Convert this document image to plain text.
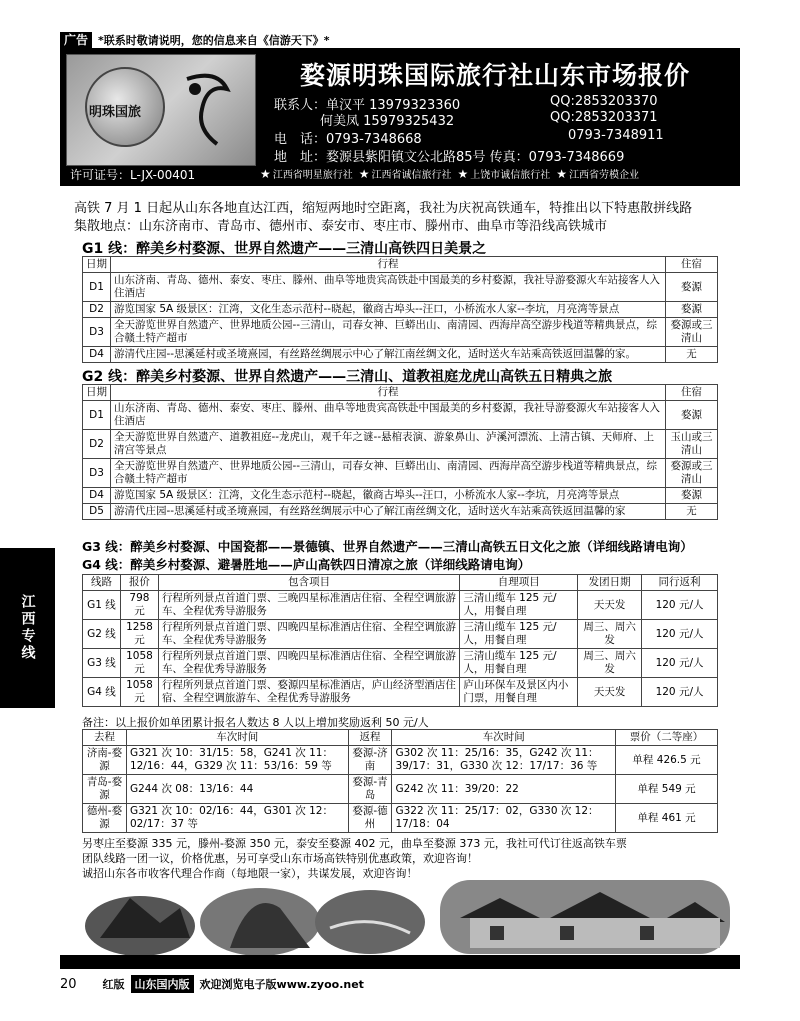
广告 *联系时敬请说明，您的信息来自《信游天下》*
明珠国旅
许可证号：L-JX-00401
婺源明珠国际旅行社山东市场报价
联系人：单汉平 13979323360
何美凤 15979325432
QQ:2853203370
QQ:2853203371
电　话：0793-7348668	0793-7348911
地　址：婺源县紫阳镇文公北路85号 传真：0793-7348669
★ 江西省明星旅行社 ★ 江西省诚信旅行社 ★ 上饶市诚信旅行社 ★ 江西省劳模企业
高铁 7 月 1 日起从山东各地直达江西，缩短两地时空距离，我社为庆祝高铁通车，特推出以下特惠散拼线路
集散地点：山东济南市、青岛市、德州市、泰安市、枣庄市、滕州市、曲阜市等沿线高铁城市
G1 线：醉美乡村婺源、世界自然遗产——三清山高铁四日美景之
日期	行程	住宿
D1	山东济南、青岛、德州、泰安、枣庄、滕州、曲阜等地贵宾高铁赴中国最美的乡村婺源，我社导游婺源火车站接客人入住酒店	婺源
D2	游览国家 5A 级景区：江湾，文化生态示范村--晓起，徽商古埠头--汪口，小桥流水人家--李坑，月亮湾等景点	婺源
D3	全天游览世界自然遗产、世界地质公园--三清山，司春女神、巨蟒出山、南清园、西海岸高空游步栈道等精典景点，综合赣土特产超市	婺源或三清山
D4	游清代庄园--思溪延村或圣境熹园，有丝路丝绸展示中心了解江南丝绸文化，适时送火车站乘高铁返回温馨的家。	无
G2 线：醉美乡村婺源、世界自然遗产——三清山、道教祖庭龙虎山高铁五日精典之旅
日期	行程	住宿
D1	山东济南、青岛、德州、泰安、枣庄、滕州、曲阜等地贵宾高铁赴中国最美的乡村婺源，我社导游婺源火车站接客人入住酒店	婺源
D2	全天游览世界自然遗产、道教祖庭--龙虎山，观千年之谜--悬棺表演、游象鼻山、泸溪河漂流、上清古镇、天师府、上清宫等景点	玉山或三清山
D3	全天游览世界自然遗产、世界地质公园--三清山，司春女神、巨蟒出山、南清园、西海岸高空游步栈道等精典景点，综合赣土特产超市	婺源或三清山
D4	游览国家 5A 级景区：江湾，文化生态示范村--晓起，徽商古埠头--汪口，小桥流水人家--李坑，月亮湾等景点	婺源
D5	游清代庄园--思溪延村或圣境熹园，有丝路丝绸展示中心了解江南丝绸文化，适时送火车站乘高铁返回温馨的家	无
江西专线
G3 线：醉美乡村婺源、中国瓷都——景德镇、世界自然遗产——三清山高铁五日文化之旅（详细线路请电询）
G4 线：醉美乡村婺源、避暑胜地——庐山高铁四日清凉之旅（详细线路请电询）
线路	报价	包含项目	自理项目	发团日期	同行返利
G1 线	798 元	行程所列景点首道门票、三晚四星标准酒店住宿、全程空调旅游车、全程优秀导游服务	三清山缆车 125 元/人，用餐自理	天天发	120 元/人
G2 线	1258 元	行程所列景点首道门票、四晚四星标准酒店住宿、全程空调旅游车、全程优秀导游服务	三清山缆车 125 元/人，用餐自理	周三、周六发	120 元/人
G3 线	1058 元	行程所列景点首道门票、四晚四星标准酒店住宿、全程空调旅游车、全程优秀导游服务	三清山缆车 125 元/人，用餐自理	周三、周六发	120 元/人
G4 线	1058 元	行程所列景点首道门票、婺源四星标准酒店，庐山经济型酒店住宿、全程空调旅游车、全程优秀导游服务	庐山环保车及景区内小门票，用餐自理	天天发	120 元/人
备注：以上报价如单团累计报名人数达 8 人以上增加奖励返利 50 元/人
去程	车次时间	返程	车次时间	票价（二等座）
济南-婺源	G321 次 10：31/15：58，G241 次 11：12/16：44，G329 次 11：53/16：59 等	婺源-济南	G302 次 11：25/16：35，G242 次 11：39/17：31，G330 次 12：17/17：36 等	单程 426.5 元
青岛-婺源	G244 次 08：13/16：44	婺源-青岛	G242 次 11：39/20：22	单程 549 元
德州-婺源	G321 次 10：02/16：44，G301 次 12：02/17：37 等	婺源-德州	G322 次 11：25/17：02，G330 次 12：17/18：04	单程 461 元
另枣庄至婺源 335 元，滕州-婺源 350 元，泰安至婺源 402 元，曲阜至婺源 373 元，我社可代订往返高铁车票
团队线路一团一议，价格优惠，另可享受山东市场高铁特别优惠政策，欢迎咨询！
诚招山东各市收客代理合作商（每地限一家），共谋发展，欢迎咨询！
20 红版 山东国内版 欢迎浏览电子版www.zyoo.net
